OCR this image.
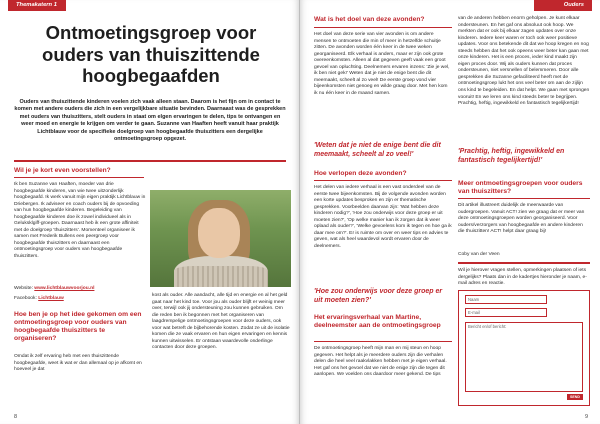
Themakatern 1
Ontmoetingsgroep voor ouders van thuiszittende hoogbegaafden
Ouders van thuiszittende kinderen voelen zich vaak alleen staan. Daarom is het fijn om in contact te komen met andere ouders die zich in een vergelijkbare situatie bevinden. Daarnaast was de gesprekken met ouders van thuiszitters, stelt ouders in staat om elgen ervaringen te delen, tips te ontvangen en weer moed en energie te krijgen om verder te gaan. Suzanne van Haaften heeft vanuit haar praktijk Lichtblauw voor de specifieke doelgroep van hoogbegaafde thuiszitters een dergelijke ontmoetingsgroep opgezet.
Wil je je kort even voorstellen?
Ik ben Suzanne van Haaften, moeder van drie hoogbegaafde kinderen, van wie twee uitzonderlijk hoogbegaafd. Ik werk vanuit mijn eigen praktijk Lichtblauw in Driebergen. Ik adviseer en coach ouders bij de opvoeding van hun hoogbegaafde kinderen. Begeleiding van hoogbegaafde kinderen doe ik zowel individueel als in Geluksklgiff-groepen. Daarnaast heb ik een grote affiniteit met de doelgroep 'thuiszitters'. Momenteel organiseer ik samen met Frederik Bullens een peergroep voor hoogbegaafde thuiszitters en daarnaast een ontmoetingsgroep voor ouders van hoogbegaafde thuiszitters.
Website: www.lichtblauwvoorjou.nl
Facebook: Lichtblauw
Hoe ben je op het idee gekomen om een ontmoetingsgroep voor ouders van hoogbegaafde thuiszitters te organiseren?
Omdat ik zelf ervaring heb met een thuiszittende hoogbegaafde, weet ik wat er dan allemaal op je afkomt en hoeveel je dat
kost als ouder. Alle aandacht, alle tijd en energie en al het geld gaat naar het kind toe. Voor jou als ouder blijft er weinig meer over, terwijl ook jij ondersteuning zou kunnen gebruiken. Om die reden ben ik begonnen met het organiseren van laagdrempelige ontmoetingsgroepen voor deze ouders, ook voor wat betreft de bijbehorende kosten. Zodat ze uit de isolatie komen die ze vaak ervaren en hun eigen ervaringen en kennis kunnen uitwisselen. Er ontstaan waardevolle onderlinge contacten door deze groepen.
8
Ouders
Wat is het doel van deze avonden?
Het doel van deze serie van vier avonden is om andere mensen te ontmoeten die min of meer in hetzelfde schuitje zitten. De avonden worden één keer in de twee weken georganiseerd. Elk verhaal is anders, maar er zijn ook grote overeenkomsten. Alleen al dat gegeven geeft vaak een groot gevoel van opluchting. Deelnemers ervaren inzens: 'Zie je wel, ik ben niet gek!' Weten dat je niet de enige bent die dit meemaakt, scheelt al zo veel! De eerste groep vond vier bijeenkomsten niet genoeg en wilde graag door. Met hen kom ik nu één keer in de maand samen.
'Weten dat je niet de enige bent die dit meemaakt, scheelt al zo veel!'
Hoe verlopen deze avonden?
Het delen van iedere verhaal is een vast onderdeel van de eerste twee bijeenkomsten. Bij de volgende avonden worden een korte updates besproken en zijn er thematische gesprekken. Voorbeelden daarvan zijn: 'Wat hebben deze kinderen nodig?', 'Hoe zou onderwijs voor deze groep er uit moeten zien?', 'Op welke manier kan ik zorgen dat ik weer oplaad als ouder?', 'Welke gevoelens kom ik tegen en hoe ga ik daar mee om?'. Er is ruimte om over en weer tips en advies te geven, wat als heel waardevol wordt ervaren door de deelnemers.
'Hoe zou onderwijs voor deze groep er uit moeten zien?'
Het ervaringsverhaal van Martine, deelneemster aan de ontmoetingsgroep
De ontmoetingsgroep heeft mijn man en mij steun en hoop gegeven. Het helpt als je meerdere ouders zijn die verhalen delen die heel veel raakvlakken hebben met je eigen verhaal. Het gaf ons het gevoel dat we niet de enige zijn die tegen dit aanlopen. We voelden ons daardoor meer gekend. De tips
van de anderen hebben enorm geholpen. Je kunt elkaar ondersteunen. En het gaf ons absoluut ook hoop. We merkten dat er ook bij elkaar zagen updates over onze kinderen. Iedere keer waren er toch ook weer positieve updates. Voor ons betekende dit dat we hoop kregen en nog steeds hebben dat het ook opeens weer beter kan gaan met onze kinderen. Het is een proces, ieder kind maakt zijn eigen proces door. Wij als ouders kunnen dat proces ondersteunen, niet versnellen of belemmeren. Door alle gesprekken die Suzanne gefaciliteerd heeft met de ontmoetingsgroep lukt het ons veel beter om aan de zijlijn ons kind te begeleiden. En dat helpt. We gaan met sprongen vooruit! En we leren ons kind steeds beter te begrijpen. Prachtig, heftig, ingewikkeld en fantastisch tegelijkertijd!
'Prachtig, heftig, ingewikkeld en fantastisch tegelijkertijd!'
Meer ontmoetingsgroepen voor ouders van thuiszitters?
Dit artikel illustreert duidelijk de meerwaarde van oudergroepen. Vanuit ACT! zien we graag dat er meer van deze ontmoetingsgroepen worden georganiseerd. Voor ouders/verzorgers van hoogbegaafde en andere kinderen die thuiszitten! ACT! helpt daar graag bij!
Coby van der Veen
Wil je hierover vragen stellen, opmerkingen plaatsen of iets dergelijks? Plaats dan in de kadertjes hieronder je naam, e-mail adres en reactie.
Naam
E-mail
Bericht en/of bericht:
SEND
9
